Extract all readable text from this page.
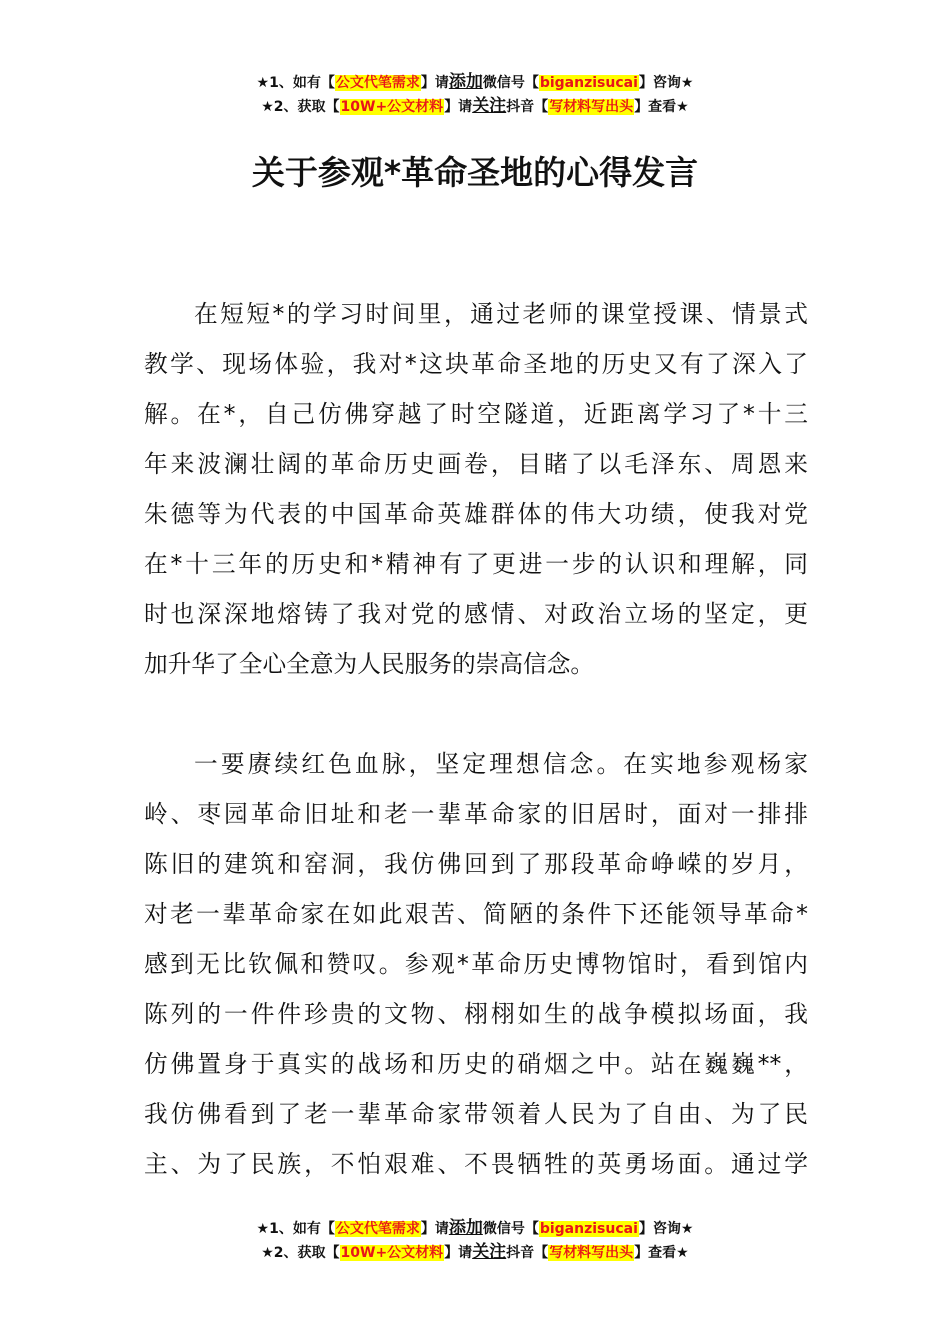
★1、如有【公文代笔需求】请添加微信号【biganzisucai】咨询★
★2、获取【10W+公文材料】请关注抖音【写材料写出头】查看★
关于参观*革命圣地的心得发言
在短短*的学习时间里，通过老师的课堂授课、情景式
教学、现场体验，我对*这块革命圣地的历史又有了深入了
解。在*，自己仿佛穿越了时空隧道，近距离学习了*十三
年来波澜壮阔的革命历史画卷，目睹了以毛泽东、周恩来
朱德等为代表的中国革命英雄群体的伟大功绩，使我对党
在*十三年的历史和*精神有了更进一步的认识和理解，同
时也深深地熔铸了我对党的感情、对政治立场的坚定，更
加升华了全心全意为人民服务的崇高信念。
一要赓续红色血脉，坚定理想信念。在实地参观杨家
岭、枣园革命旧址和老一辈革命家的旧居时，面对一排排
陈旧的建筑和窑洞，我仿佛回到了那段革命峥嵘的岁月，
对老一辈革命家在如此艰苦、简陋的条件下还能领导革命*
感到无比钦佩和赞叹。参观*革命历史博物馆时，看到馆内
陈列的一件件珍贵的文物、栩栩如生的战争模拟场面，我
仿佛置身于真实的战场和历史的硝烟之中。站在巍巍**，
我仿佛看到了老一辈革命家带领着人民为了自由、为了民
主、为了民族，不怕艰难、不畏牺牲的英勇场面。通过学
★1、如有【公文代笔需求】请添加微信号【biganzisucai】咨询★
★2、获取【10W+公文材料】请关注抖音【写材料写出头】查看★
